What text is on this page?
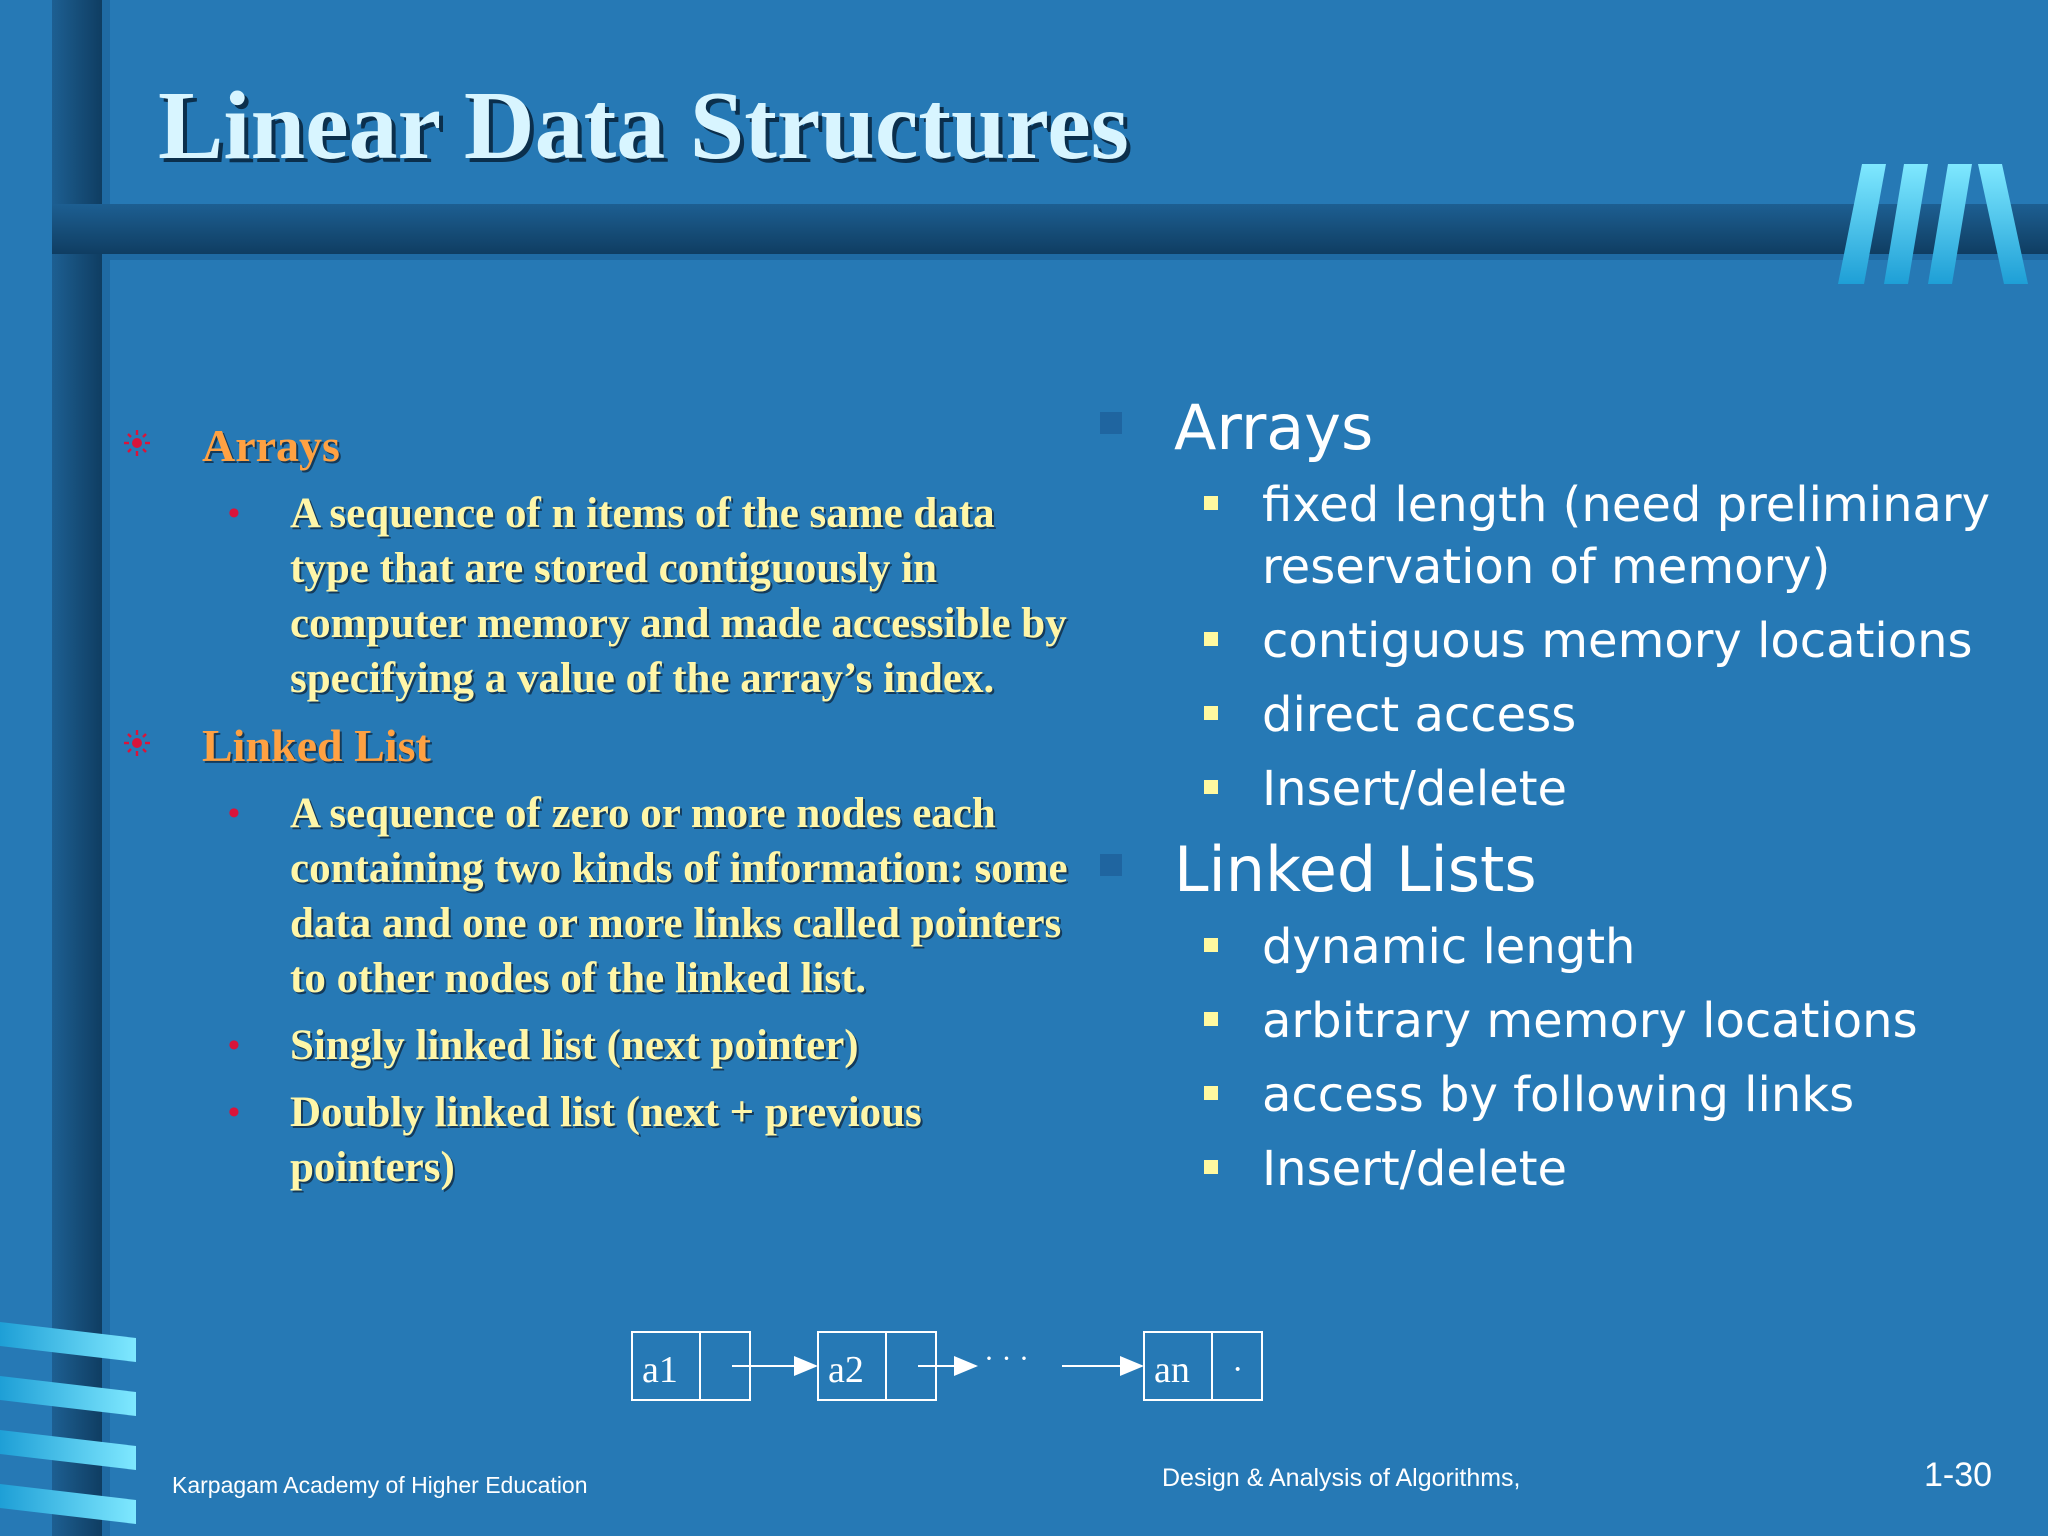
Linear Data Structures
Arrays
• A sequence of n items of the same data type that are stored contiguously in computer memory and made accessible by specifying a value of the array’s index.
Linked List
• A sequence of zero or more nodes each containing two kinds of information: some data and one or more links called pointers to other nodes of the linked list.
• Singly linked list (next pointer)
• Doubly linked list (next + previous pointers)
Arrays
fixed length (need preliminary reservation of memory)
contiguous memory locations
direct access
Insert/delete
Linked Lists
dynamic length
arbitrary memory locations
access by following links
Insert/delete
a1	a2	· · ·	an ·
Karpagam Academy of Higher Education	Design & Analysis of Algorithms,	1-30
